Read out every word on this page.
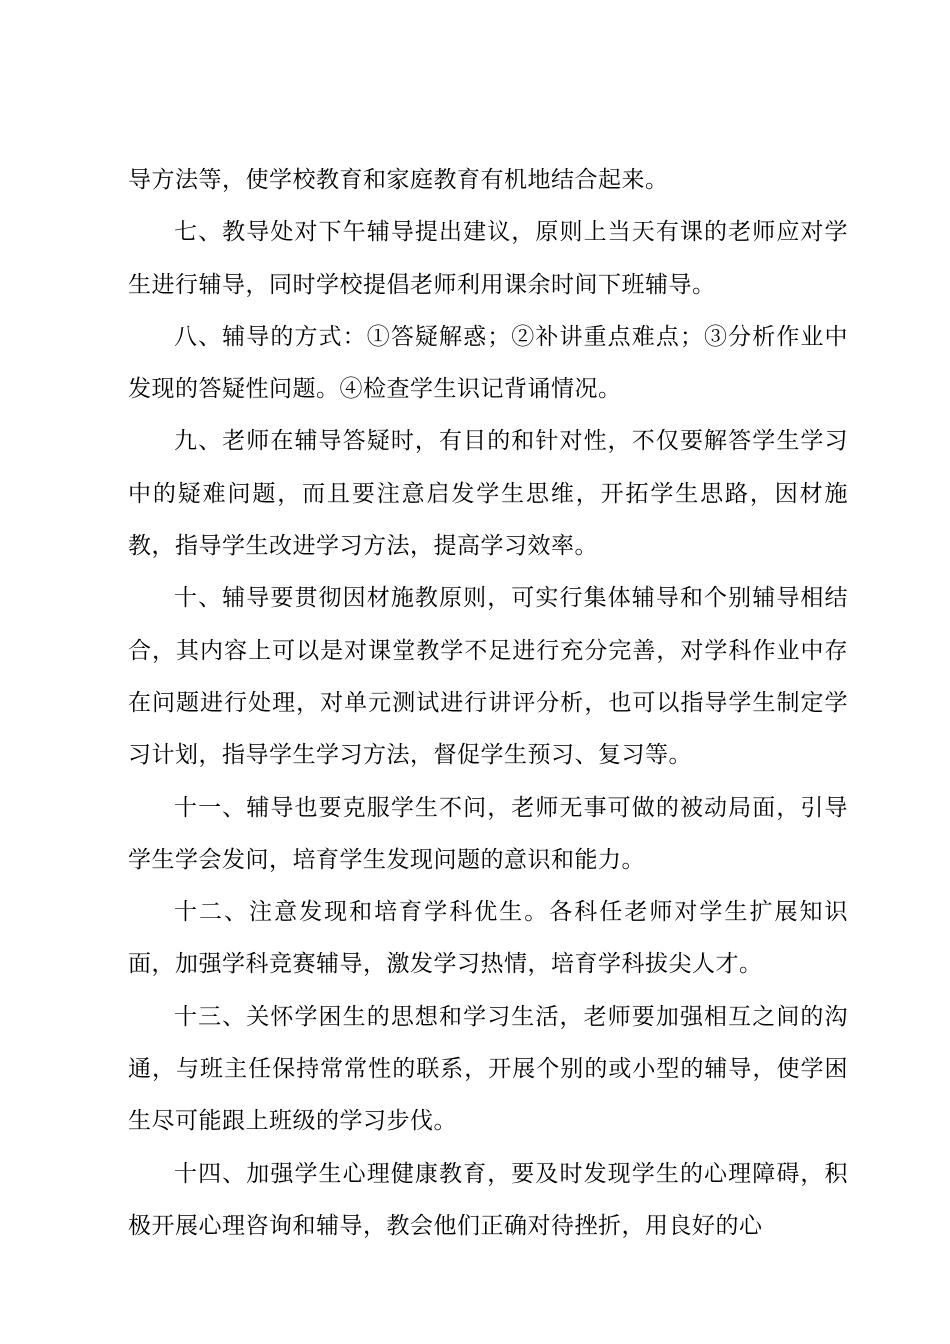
导方法等，使学校教育和家庭教育有机地结合起来。

七、教导处对下午辅导提出建议，原则上当天有课的老师应对学生进行辅导，同时学校提倡老师利用课余时间下班辅导。

八、辅导的方式：①答疑解惑；②补讲重点难点；③分析作业中发现的答疑性问题。④检查学生识记背诵情况。

九、老师在辅导答疑时，有目的和针对性，不仅要解答学生学习中的疑难问题，而且要注意启发学生思维，开拓学生思路，因材施教，指导学生改进学习方法，提高学习效率。

十、辅导要贯彻因材施教原则，可实行集体辅导和个别辅导相结合，其内容上可以是对课堂教学不足进行充分完善，对学科作业中存在问题进行处理，对单元测试进行讲评分析，也可以指导学生制定学习计划，指导学生学习方法，督促学生预习、复习等。

十一、辅导也要克服学生不问，老师无事可做的被动局面，引导学生学会发问，培育学生发现问题的意识和能力。

十二、注意发现和培育学科优生。各科任老师对学生扩展知识面，加强学科竞赛辅导，激发学习热情，培育学科拔尖人才。

十三、关怀学困生的思想和学习生活，老师要加强相互之间的沟通，与班主任保持常常性的联系，开展个别的或小型的辅导，使学困生尽可能跟上班级的学习步伐。

十四、加强学生心理健康教育，要及时发现学生的心理障碍，积极开展心理咨询和辅导，教会他们正确对待挫折，用良好的心
